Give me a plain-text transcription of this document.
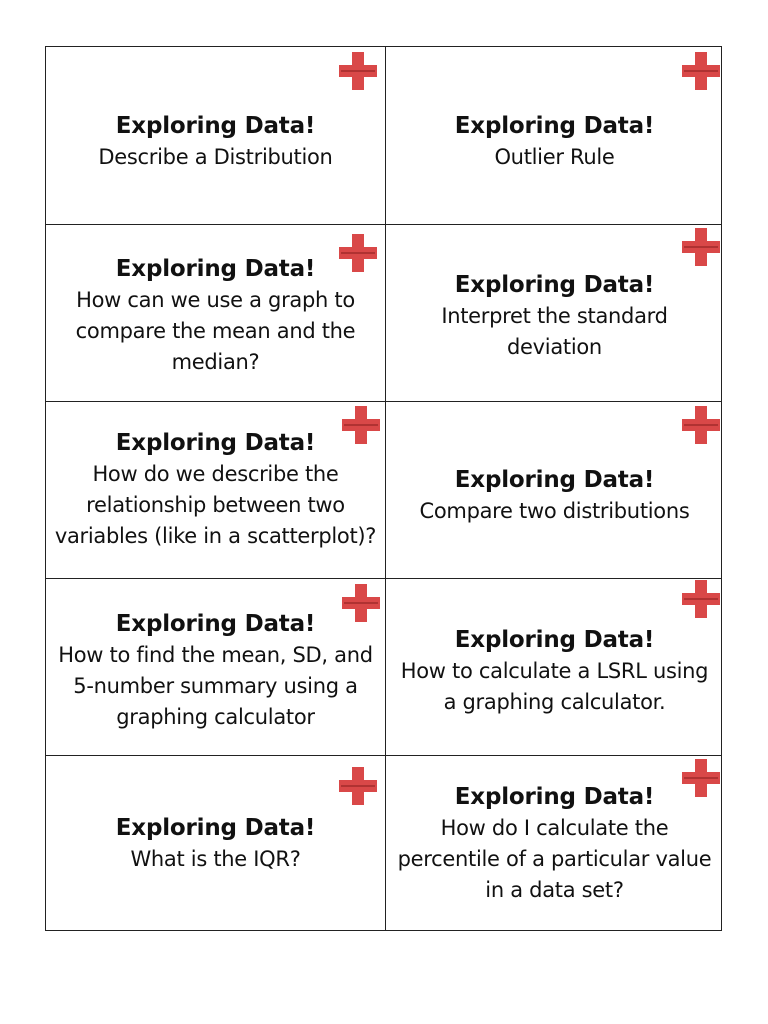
Exploring Data!
Describe a Distribution
Exploring Data!
Outlier Rule
Exploring Data!
How can we use a graph to compare the mean and the median?
Exploring Data!
Interpret the standard deviation
Exploring Data!
How do we describe the relationship between two variables (like in a scatterplot)?
Exploring Data!
Compare two distributions
Exploring Data!
How to find the mean, SD, and 5-number summary using a graphing calculator
Exploring Data!
How to calculate a LSRL using a graphing calculator.
Exploring Data!
What is the IQR?
Exploring Data!
How do I calculate the percentile of a particular value in a data set?
